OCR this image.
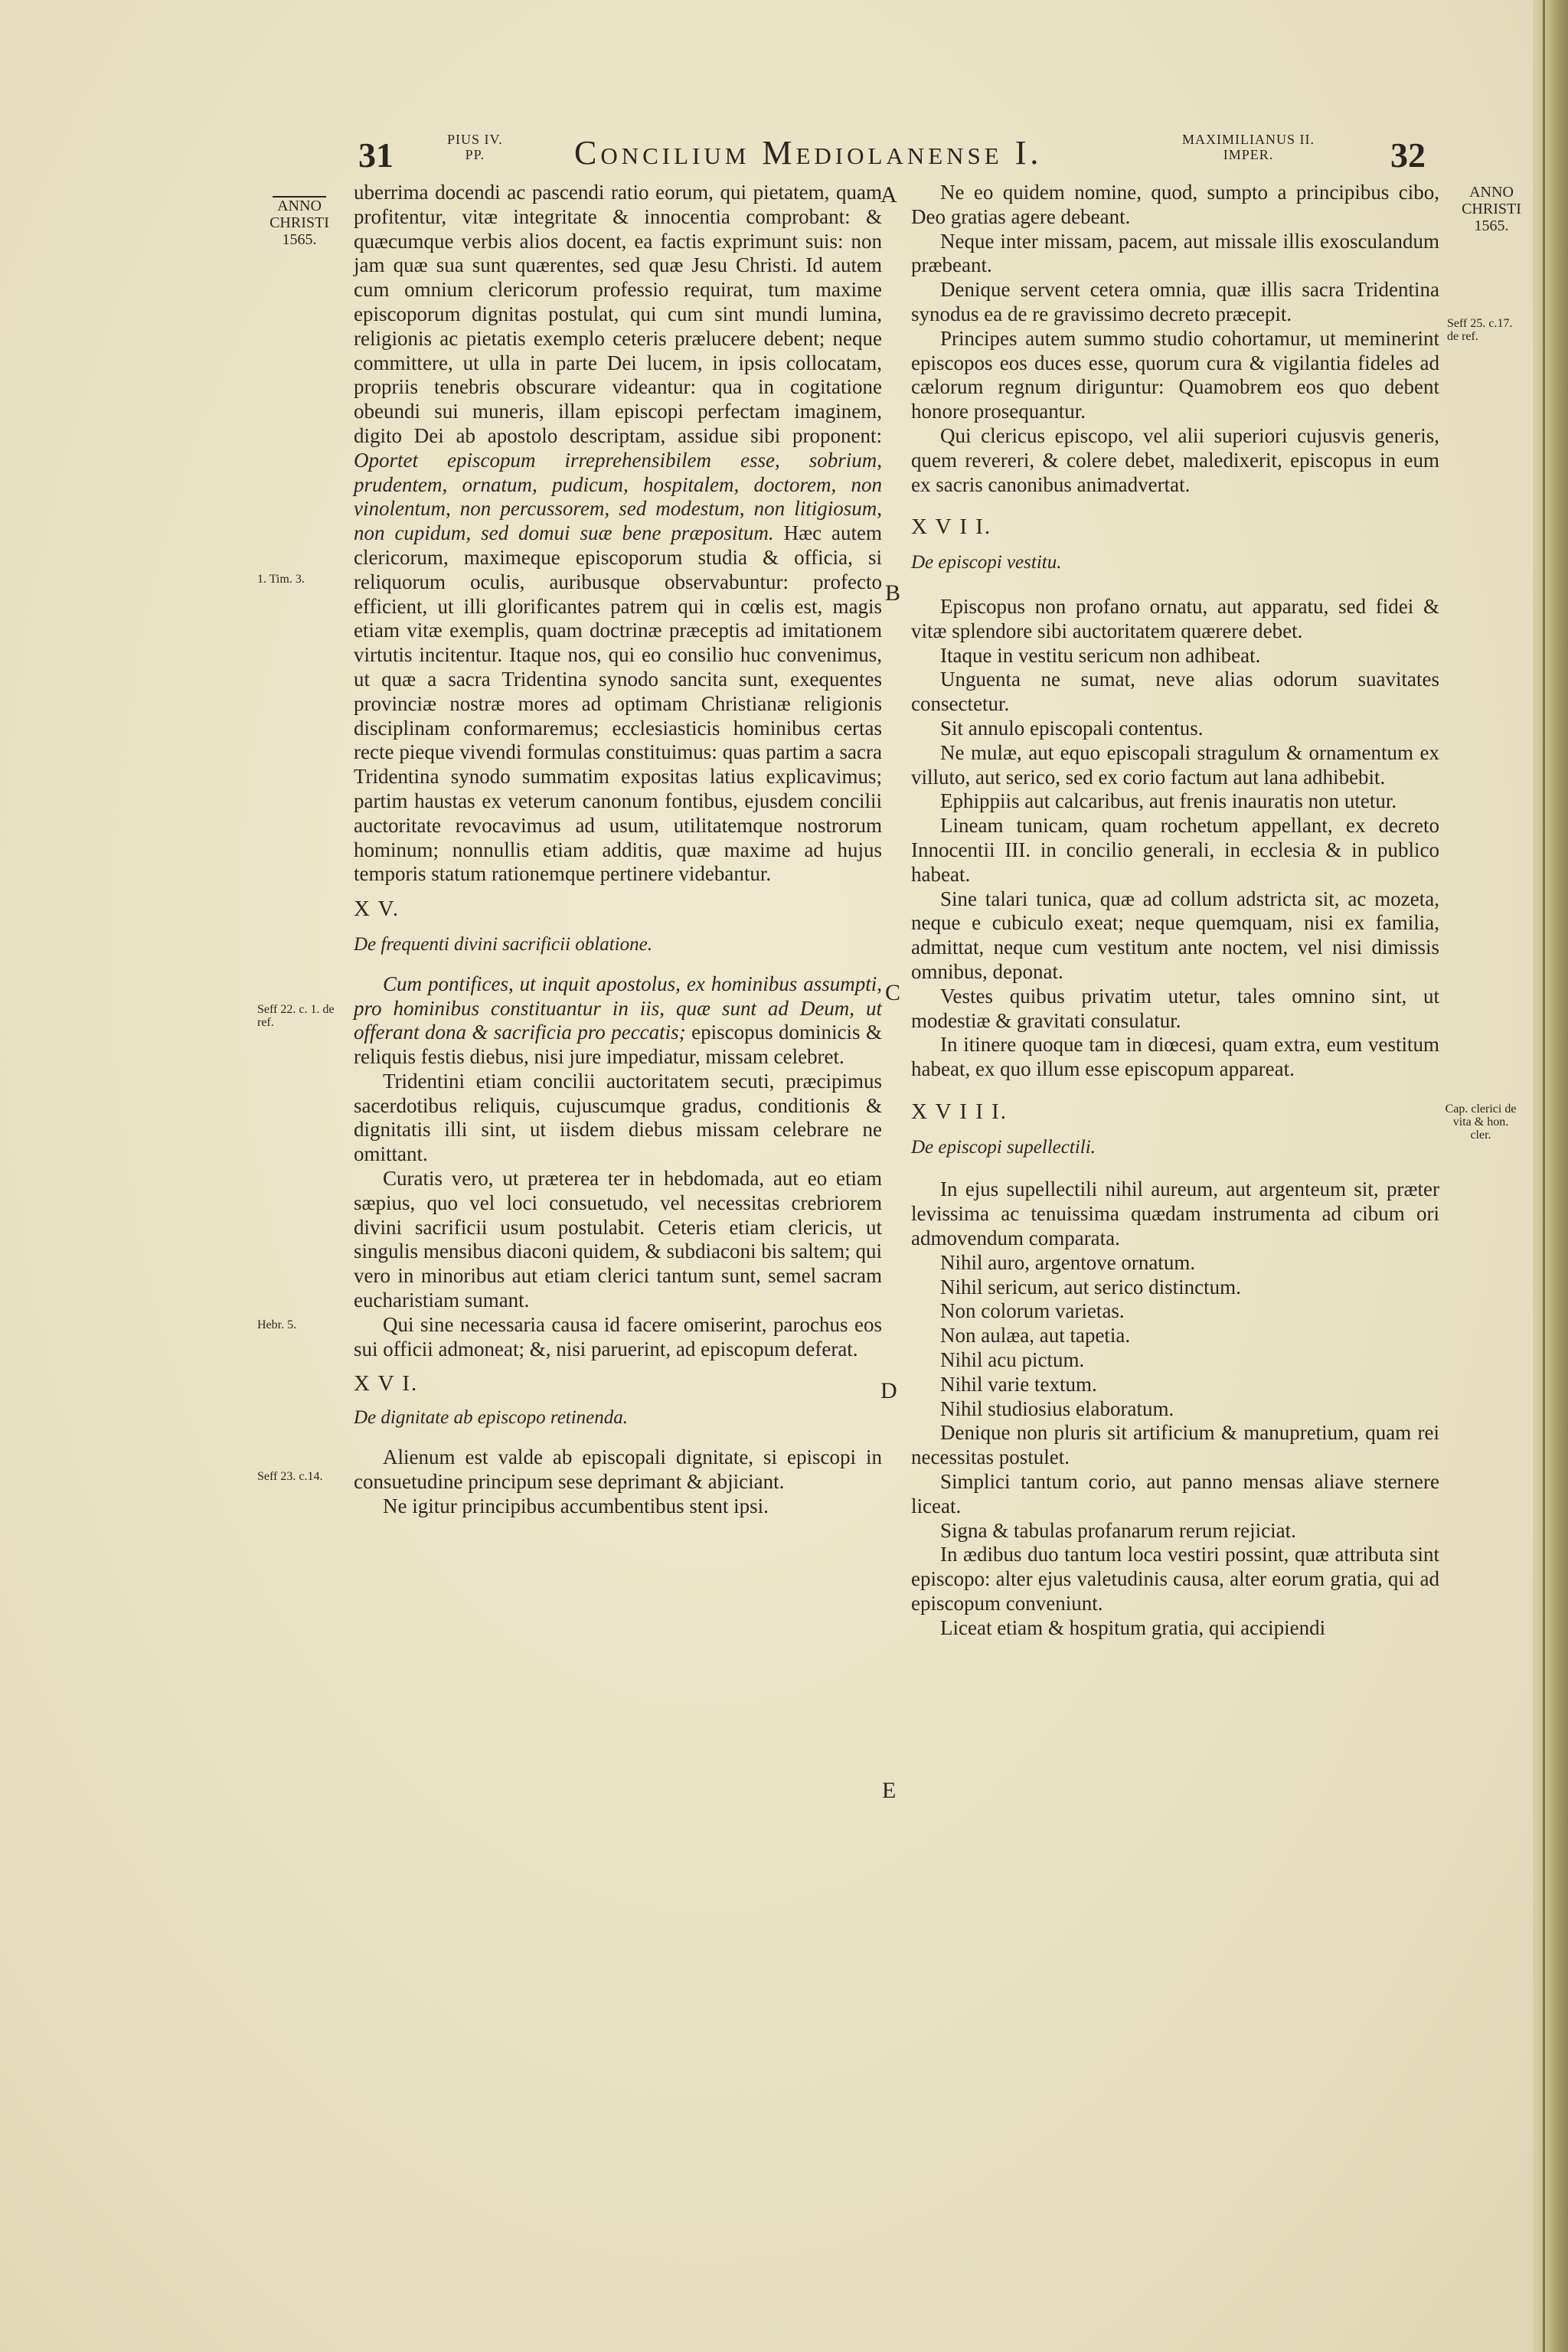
31	PIUS IV.
PP.	Concilium Mediolanense I.	MAXIMILIANUS II.
IMPER.	32
ANNO
CHRISTI
1565.
ANNO
CHRISTI
1565.
1. Tim. 3.
Seff 22. c. 1. de ref.
Hebr. 5.
Seff 23. c.14.
Seff 25. c.17. de ref.
Cap. clerici de vita & hon. cler.
A
B
C
D
E

uberrima docendi ac pascendi ratio eorum, qui pietatem, quam profitentur, vitæ integritate & innocentia comprobant: & quæcumque verbis alios docent, ea factis exprimunt suis: non jam quæ sua sunt quærentes, sed quæ Jesu Christi. Id autem cum omnium clericorum professio requirat, tum maxime episcoporum dignitas postulat, qui cum sint mundi lumina, religionis ac pietatis exemplo ceteris prælucere debent; neque committere, ut ulla in parte Dei lucem, in ipsis collocatam, propriis tenebris obscurare videantur: qua in cogitatione obeundi sui muneris, illam episcopi perfectam imaginem, digito Dei ab apostolo descriptam, assidue sibi proponent: Oportet episcopum irreprehensibilem esse, sobrium, prudentem, ornatum, pudicum, hospitalem, doctorem, non vinolentum, non percussorem, sed modestum, non litigiosum, non cupidum, sed domui suæ bene præpositum. Hæc autem clericorum, maximeque episcoporum studia & officia, si reliquorum oculis, auribusque observabuntur: profecto efficient, ut illi glorificantes patrem qui in cœlis est, magis etiam vitæ exemplis, quam doctrinæ præceptis ad imitationem virtutis incitentur. Itaque nos, qui eo consilio huc convenimus, ut quæ a sacra Tridentina synodo sancita sunt, exequentes provinciæ nostræ mores ad optimam Christianæ religionis disciplinam conformaremus; ecclesiasticis hominibus certas recte pieque vivendi formulas constituimus: quas partim a sacra Tridentina synodo summatim expositas latius explicavimus; partim haustas ex veterum canonum fontibus, ejusdem concilii auctoritate revocavimus ad usum, utilitatemque nostrorum hominum; nonnullis etiam additis, quæ maxime ad hujus temporis statum rationemque pertinere videbantur.

X V.

De frequenti divini sacrificii oblatione.

Cum pontifices, ut inquit apostolus, ex hominibus assumpti, pro hominibus constituantur in iis, quæ sunt ad Deum, ut offerant dona & sacrificia pro peccatis; episcopus dominicis & reliquis festis diebus, nisi jure impediatur, missam celebret.

Tridentini etiam concilii auctoritatem secuti, præcipimus sacerdotibus reliquis, cujuscumque gradus, conditionis & dignitatis illi sint, ut iisdem diebus missam celebrare ne omittant.

Curatis vero, ut præterea ter in hebdomada, aut eo etiam sæpius, quo vel loci consuetudo, vel necessitas crebriorem divini sacrificii usum postulabit. Ceteris etiam clericis, ut singulis mensibus diaconi quidem, & subdiaconi bis saltem; qui vero in minoribus aut etiam clerici tantum sunt, semel sacram eucharistiam sumant.

Qui sine necessaria causa id facere omiserint, parochus eos sui officii admoneat; &, nisi paruerint, ad episcopum deferat.

X V I.

De dignitate ab episcopo retinenda.

Alienum est valde ab episcopali dignitate, si episcopi in consuetudine principum sese deprimant & abjiciant.

Ne igitur principibus accumbentibus stent ipsi.

Ne eo quidem nomine, quod, sumpto a principibus cibo, Deo gratias agere debeant.

Neque inter missam, pacem, aut missale illis exosculandum præbeant.

Denique servent cetera omnia, quæ illis sacra Tridentina synodus ea de re gravissimo decreto præcepit.

Principes autem summo studio cohortamur, ut meminerint episcopos eos duces esse, quorum cura & vigilantia fideles ad cælorum regnum diriguntur: Quamobrem eos quo debent honore prosequantur.

Qui clericus episcopo, vel alii superiori cujusvis generis, quem revereri, & colere debet, maledixerit, episcopus in eum ex sacris canonibus animadvertat.

X V I I.

De episcopi vestitu.

Episcopus non profano ornatu, aut apparatu, sed fidei & vitæ splendore sibi auctoritatem quærere debet.

Itaque in vestitu sericum non adhibeat.

Unguenta ne sumat, neve alias odorum suavitates consectetur.

Sit annulo episcopali contentus.

Ne mulæ, aut equo episcopali stragulum & ornamentum ex villuto, aut serico, sed ex corio factum aut lana adhibebit.

Ephippiis aut calcaribus, aut frenis inauratis non utetur.

Lineam tunicam, quam rochetum appellant, ex decreto Innocentii III. in concilio generali, in ecclesia & in publico habeat.

Sine talari tunica, quæ ad collum adstricta sit, ac mozeta, neque e cubiculo exeat; neque quemquam, nisi ex familia, admittat, neque cum vestitum ante noctem, vel nisi dimissis omnibus, deponat.

Vestes quibus privatim utetur, tales omnino sint, ut modestiæ & gravitati consulatur.

In itinere quoque tam in diœcesi, quam extra, eum vestitum habeat, ex quo illum esse episcopum appareat.

X V I I I.

De episcopi supellectili.

In ejus supellectili nihil aureum, aut argenteum sit, præter levissima ac tenuissima quædam instrumenta ad cibum ori admovendum comparata.

Nihil auro, argentove ornatum.

Nihil sericum, aut serico distinctum.

Non colorum varietas.

Non aulæa, aut tapetia.

Nihil acu pictum.

Nihil varie textum.

Nihil studiosius elaboratum.

Denique non pluris sit artificium & manupretium, quam rei necessitas postulet.

Simplici tantum corio, aut panno mensas aliave sternere liceat.

Signa & tabulas profanarum rerum rejiciat.

In ædibus duo tantum loca vestiri possint, quæ attributa sint episcopo: alter ejus valetudinis causa, alter eorum gratia, qui ad episcopum conveniunt.

Liceat etiam & hospitum gratia, qui accipiendi
